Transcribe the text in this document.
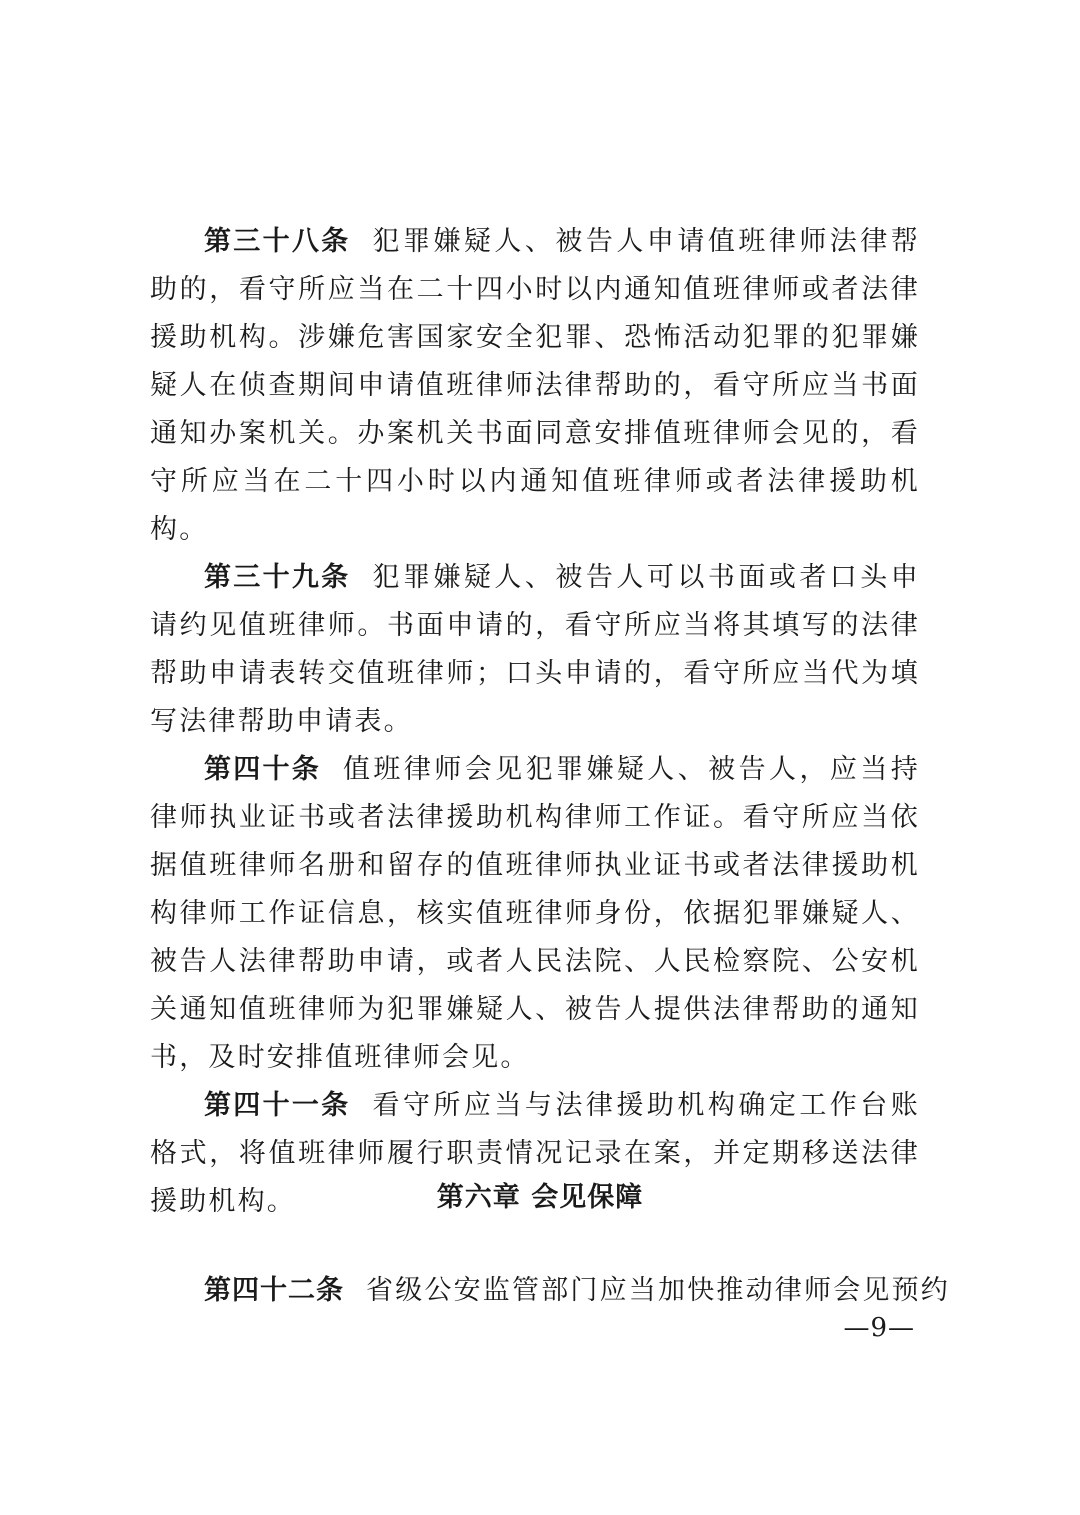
第三十八条 犯罪嫌疑人、被告人申请值班律师法律帮助的，看守所应当在二十四小时以内通知值班律师或者法律援助机构。涉嫌危害国家安全犯罪、恐怖活动犯罪的犯罪嫌疑人在侦查期间申请值班律师法律帮助的，看守所应当书面通知办案机关。办案机关书面同意安排值班律师会见的，看守所应当在二十四小时以内通知值班律师或者法律援助机构。

第三十九条 犯罪嫌疑人、被告人可以书面或者口头申请约见值班律师。书面申请的，看守所应当将其填写的法律帮助申请表转交值班律师；口头申请的，看守所应当代为填写法律帮助申请表。

第四十条 值班律师会见犯罪嫌疑人、被告人，应当持律师执业证书或者法律援助机构律师工作证。看守所应当依据值班律师名册和留存的值班律师执业证书或者法律援助机构律师工作证信息，核实值班律师身份，依据犯罪嫌疑人、被告人法律帮助申请，或者人民法院、人民检察院、公安机关通知值班律师为犯罪嫌疑人、被告人提供法律帮助的通知书，及时安排值班律师会见。

第四十一条 看守所应当与法律援助机构确定工作台账格式，将值班律师履行职责情况记录在案，并定期移送法律援助机构。	第六章 会见保障

第四十二条 省级公安监管部门应当加快推动律师会见预约

—9—
